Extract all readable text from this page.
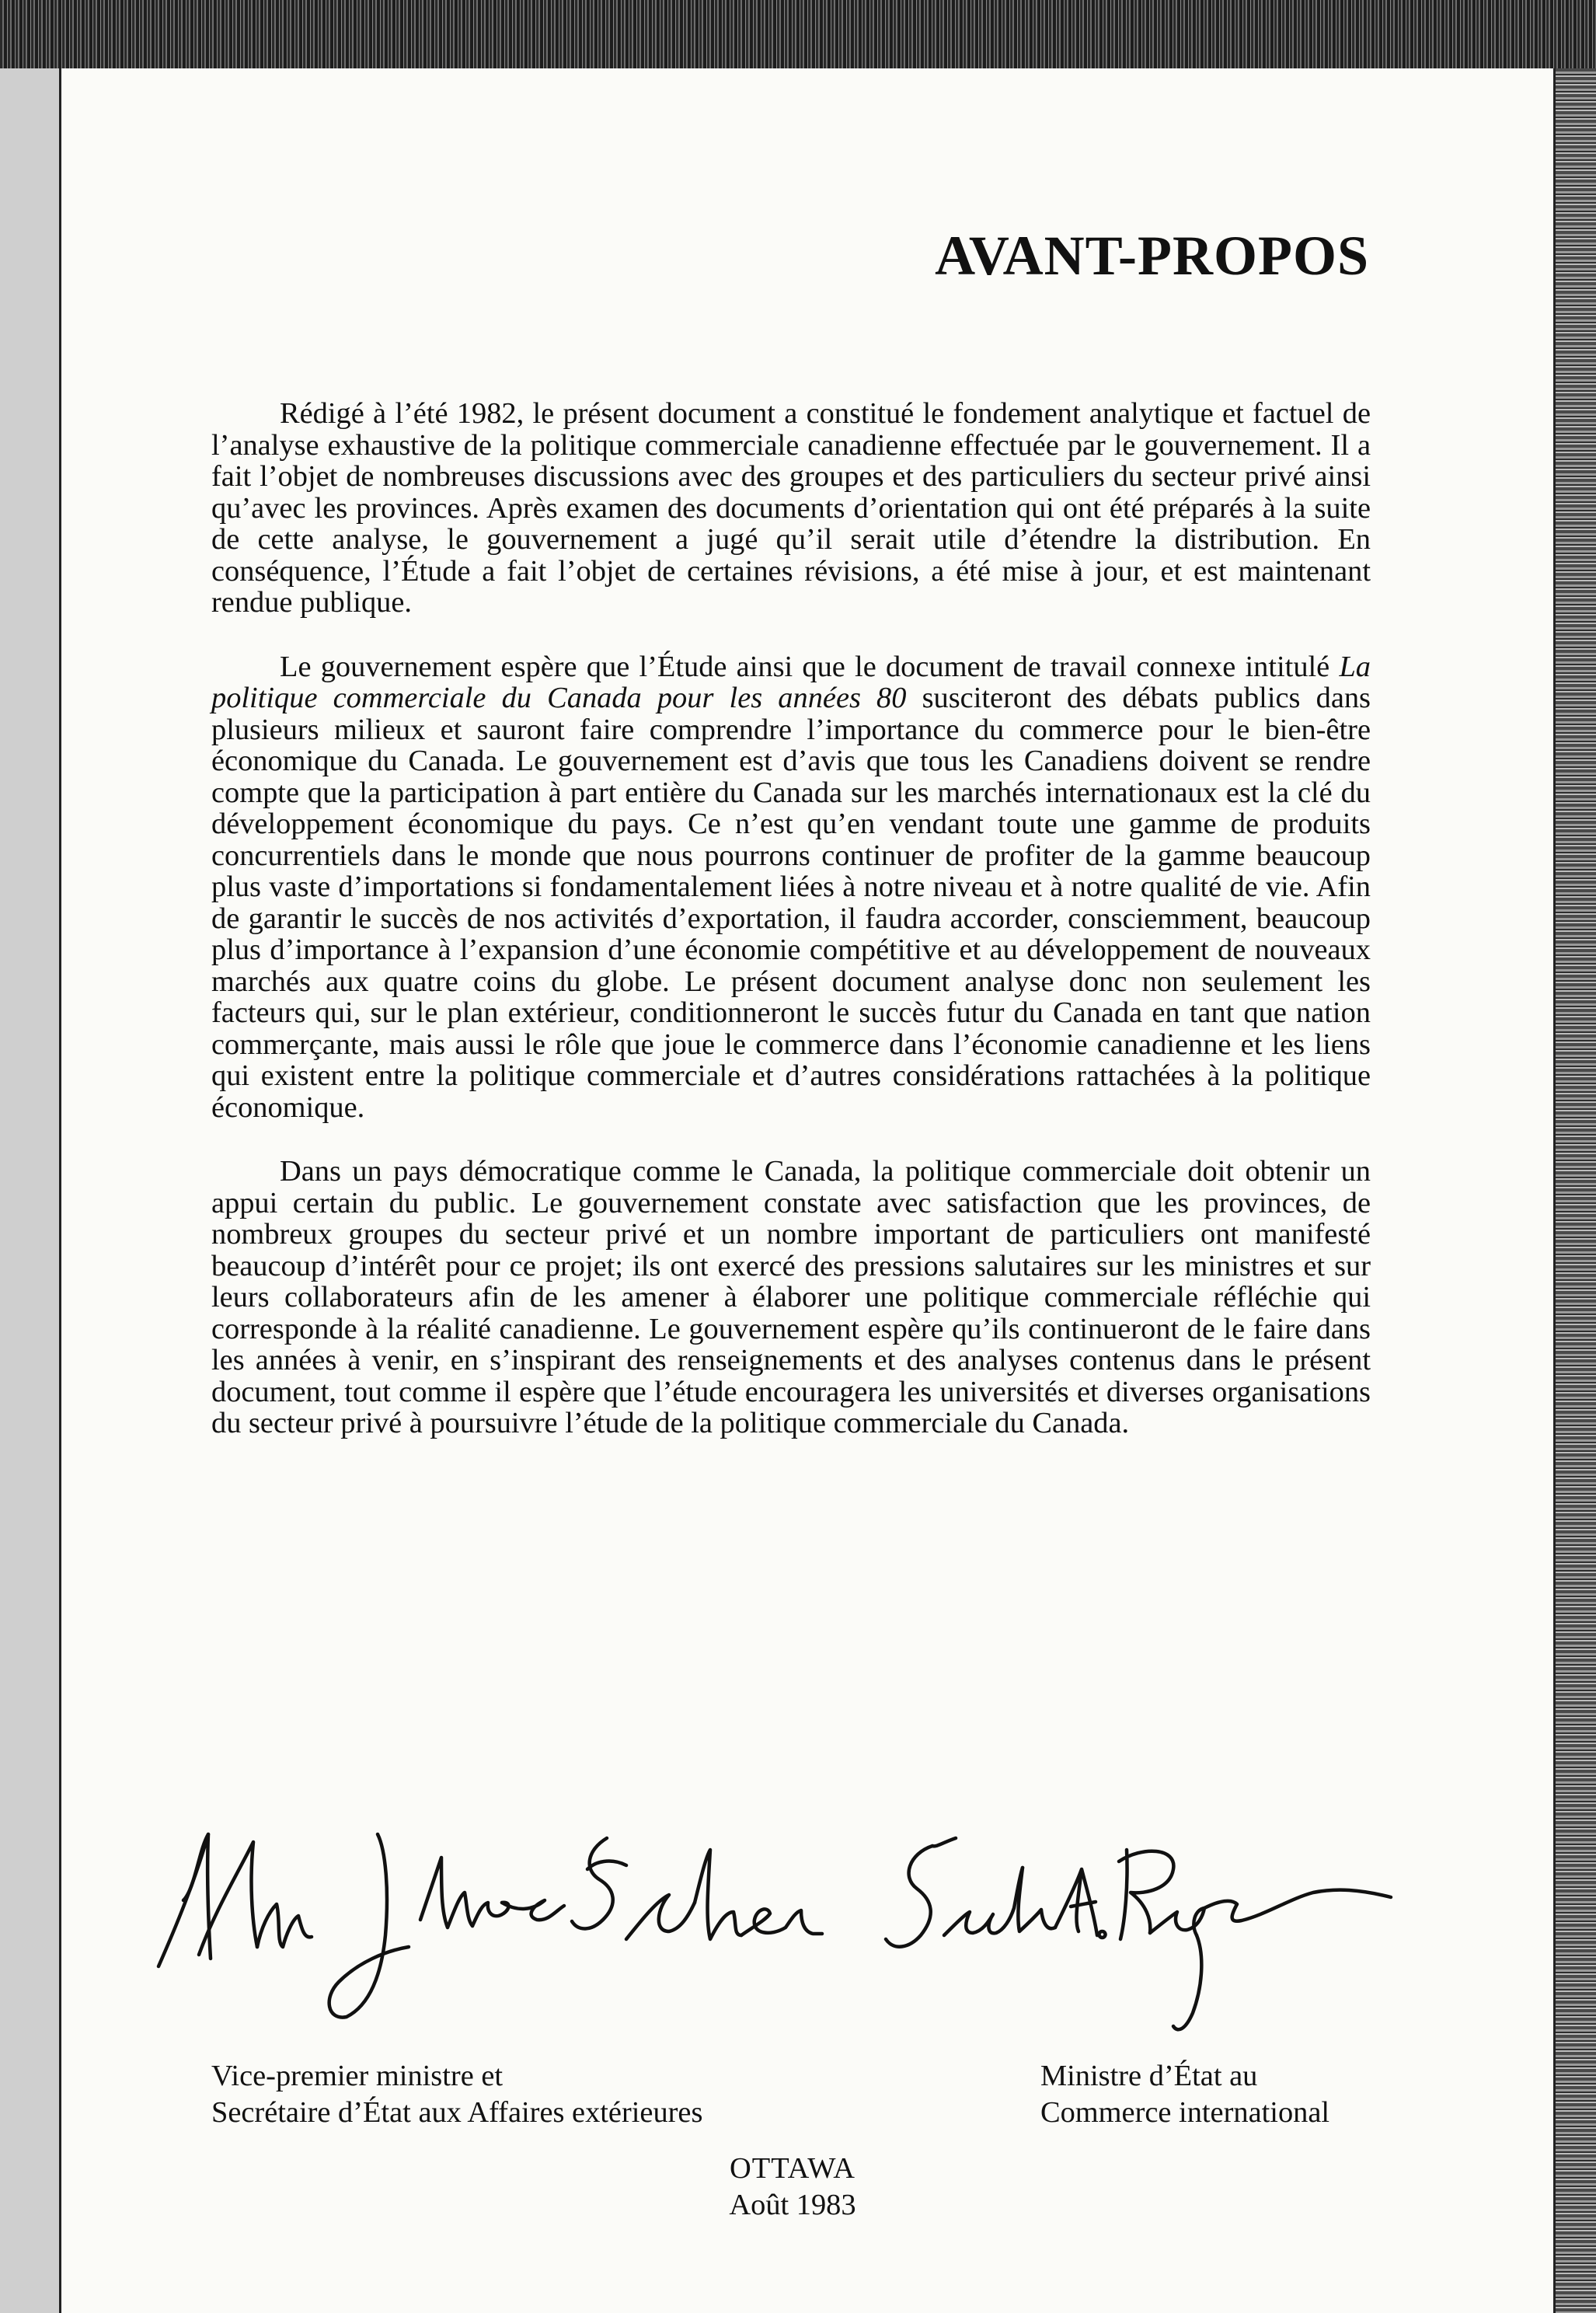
AVANT-PROPOS

Rédigé à l’été 1982, le présent document a constitué le fondement analytique et factuel de l’analyse exhaustive de la politique commerciale canadienne effectuée par le gouvernement. Il a fait l’objet de nombreuses discussions avec des groupes et des particuliers du secteur privé ainsi qu’avec les provinces. Après examen des documents d’orientation qui ont été préparés à la suite de cette analyse, le gouvernement a jugé qu’il serait utile d’étendre la distribution. En conséquence, l’Étude a fait l’objet de certaines révisions, a été mise à jour, et est maintenant rendue publique.

Le gouvernement espère que l’Étude ainsi que le document de travail connexe intitulé La politique commerciale du Canada pour les années 80 susciteront des débats publics dans plusieurs milieux et sauront faire comprendre l’importance du commerce pour le bien-être économique du Canada. Le gouvernement est d’avis que tous les Canadiens doivent se rendre compte que la participation à part entière du Canada sur les marchés internationaux est la clé du développement économique du pays. Ce n’est qu’en vendant toute une gamme de produits concurrentiels dans le monde que nous pourrons continuer de profiter de la gamme beaucoup plus vaste d’importations si fondamentalement liées à notre niveau et à notre qualité de vie. Afin de garantir le succès de nos activités d’exportation, il faudra accorder, consciemment, beaucoup plus d’importance à l’expansion d’une économie compétitive et au développement de nouveaux marchés aux quatre coins du globe. Le présent document analyse donc non seulement les facteurs qui, sur le plan extérieur, conditionneront le succès futur du Canada en tant que nation commerçante, mais aussi le rôle que joue le commerce dans l’économie canadienne et les liens qui existent entre la politique commerciale et d’autres considérations rattachées à la politique économique.

Dans un pays démocratique comme le Canada, la politique commerciale doit obtenir un appui certain du public. Le gouvernement constate avec satisfaction que les provinces, de nombreux groupes du secteur privé et un nombre important de particuliers ont manifesté beaucoup d’intérêt pour ce projet; ils ont exercé des pressions salutaires sur les ministres et sur leurs collaborateurs afin de les amener à élaborer une politique commerciale réfléchie qui corresponde à la réalité canadienne. Le gouvernement espère qu’ils continueront de le faire dans les années à venir, en s’inspirant des renseignements et des analyses contenus dans le présent document, tout comme il espère que l’étude encouragera les universités et diverses organisations du secteur privé à poursuivre l’étude de la politique commerciale du Canada.

Vice-premier ministre et
Secrétaire d’État aux Affaires extérieures
Ministre d’État au
Commerce international
OTTAWA
Août 1983
